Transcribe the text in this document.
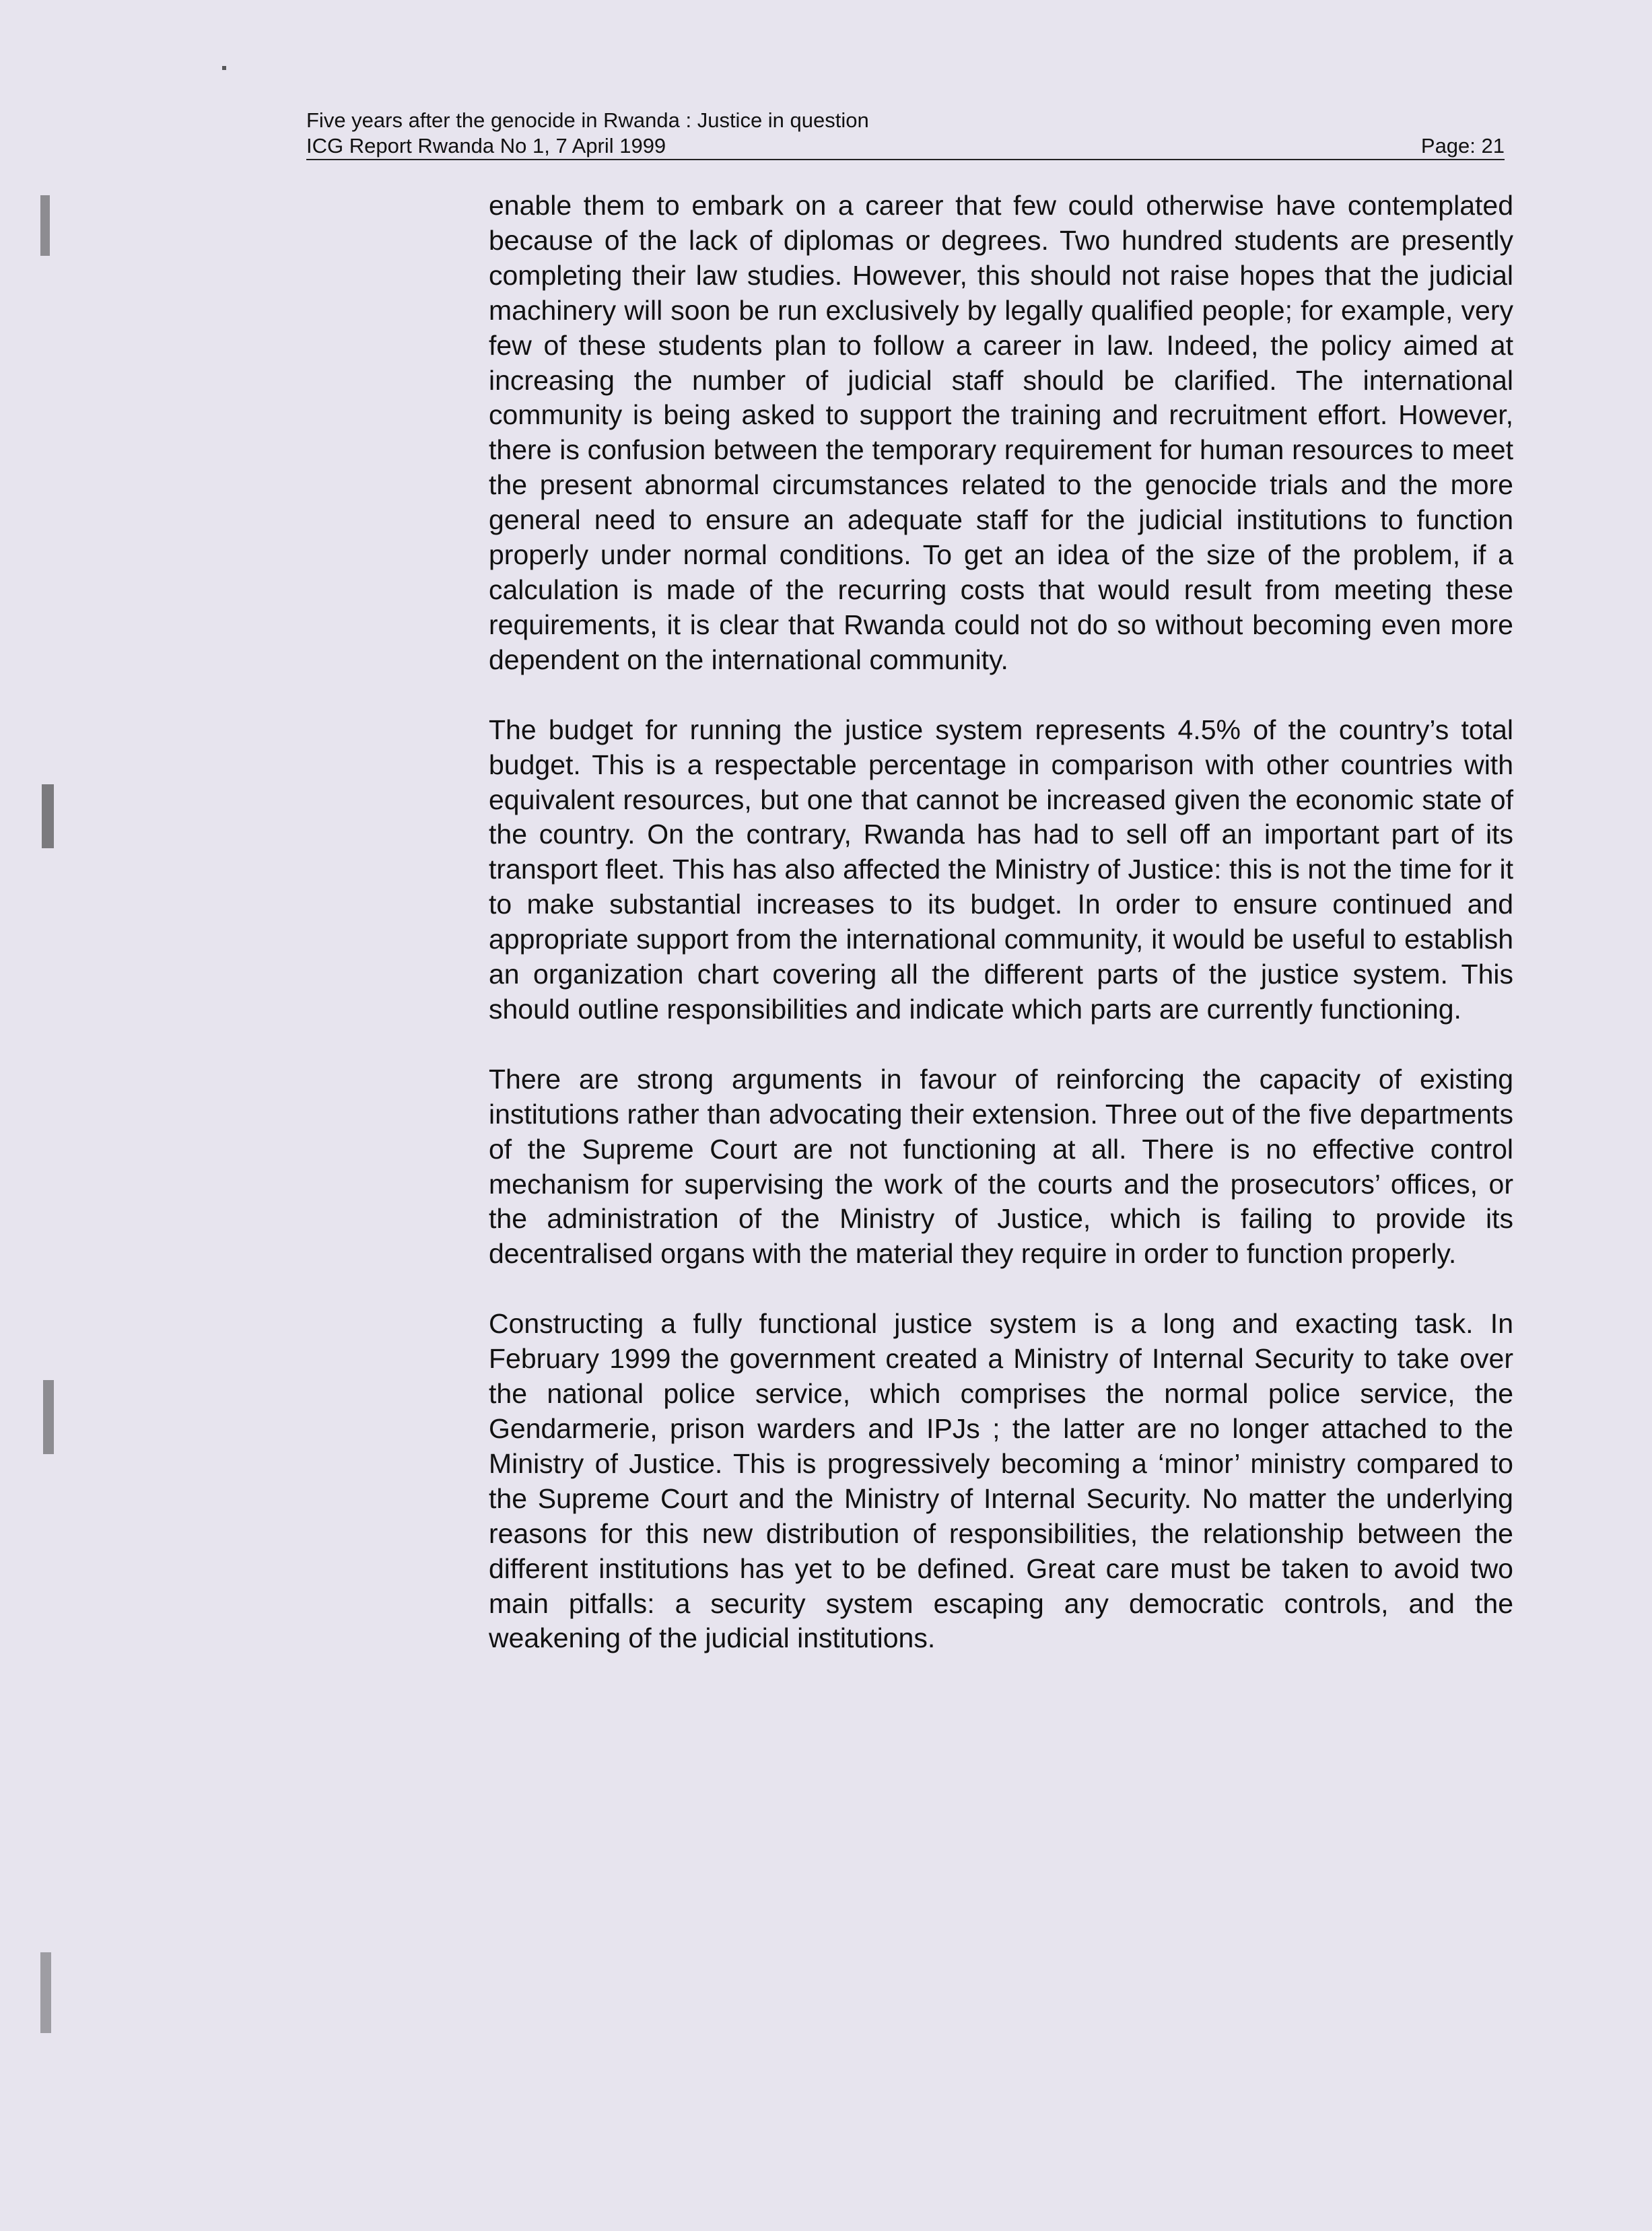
Five years after the genocide in Rwanda : Justice in question
ICG Report Rwanda No 1, 7 April 1999	Page: 21

enable them to embark on a career that few could otherwise have contemplated because of the lack of diplomas or degrees. Two hundred students are presently completing their law studies. However, this should not raise hopes that the judicial machinery will soon be run exclusively by legally qualified people; for example, very few of these students plan to follow a career in law. Indeed, the policy aimed at increasing the number of judicial staff should be clarified. The international community is being asked to support the training and recruitment effort. However, there is confusion between the temporary requirement for human resources to meet the present abnormal circumstances related to the genocide trials and the more general need to ensure an adequate staff for the judicial institutions to function properly under normal conditions. To get an idea of the size of the problem, if a calculation is made of the recurring costs that would result from meeting these requirements, it is clear that Rwanda could not do so without becoming even more dependent on the international community.

The budget for running the justice system represents 4.5% of the country’s total budget. This is a respectable percentage in comparison with other countries with equivalent resources, but one that cannot be increased given the economic state of the country. On the contrary, Rwanda has had to sell off an important part of its transport fleet. This has also affected the Ministry of Justice: this is not the time for it to make substantial increases to its budget. In order to ensure continued and appropriate support from the international community, it would be useful to establish an organization chart covering all the different parts of the justice system. This should outline responsibilities and indicate which parts are currently functioning.

There are strong arguments in favour of reinforcing the capacity of existing institutions rather than advocating their extension. Three out of the five departments of the Supreme Court are not functioning at all. There is no effective control mechanism for supervising the work of the courts and the prosecutors’ offices, or the administration of the Ministry of Justice, which is failing to provide its decentralised organs with the material they require in order to function properly.

Constructing a fully functional justice system is a long and exacting task. In February 1999 the government created a Ministry of Internal Security to take over the national police service, which comprises the normal police service, the Gendarmerie, prison warders and IPJs ; the latter are no longer attached to the Ministry of Justice. This is progressively becoming a ‘minor’ ministry compared to the Supreme Court and the Ministry of Internal Security. No matter the underlying reasons for this new distribution of responsibilities, the relationship between the different institutions has yet to be defined. Great care must be taken to avoid two main pitfalls: a security system escaping any democratic controls, and the weakening of the judicial institutions.
